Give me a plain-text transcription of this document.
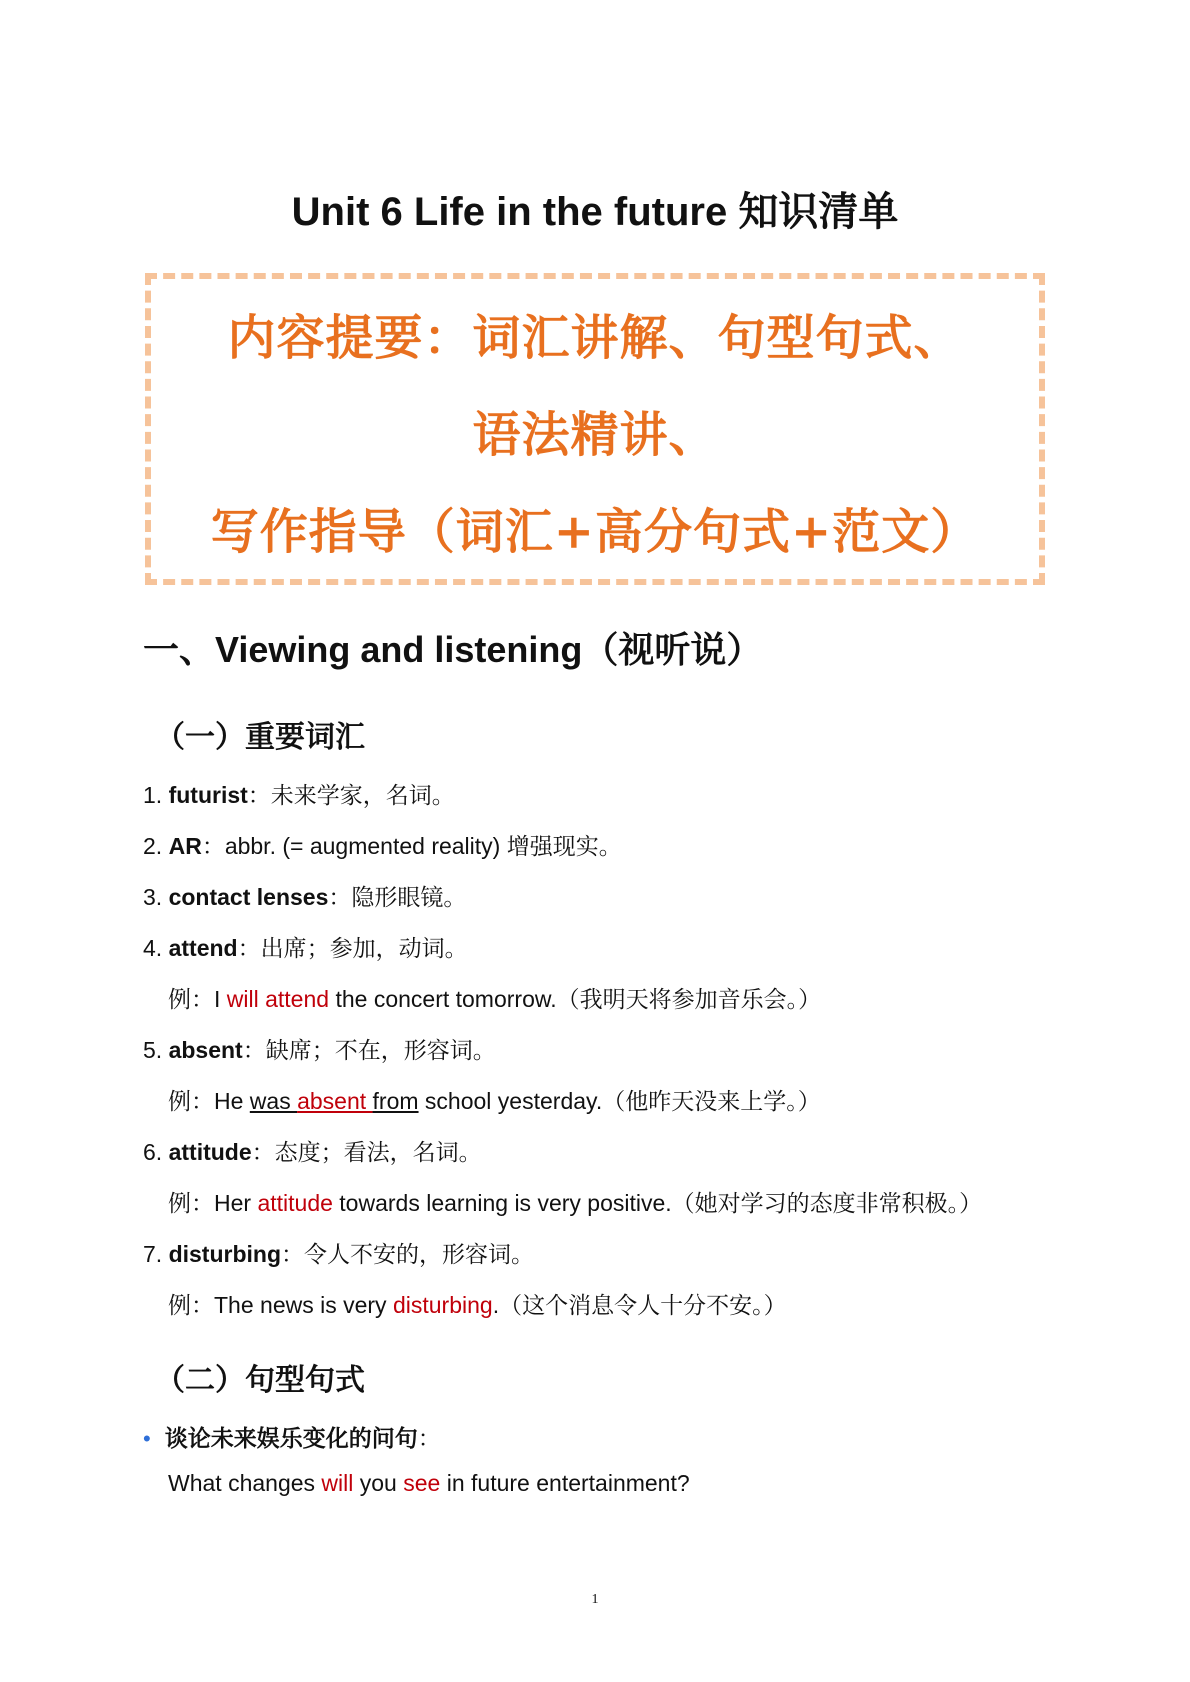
Unit 6 Life in the future 知识清单
内容提要：词汇讲解、句型句式、
语法精讲、
写作指导（词汇+高分句式+范文）
一、Viewing and listening（视听说）
（一）重要词汇
1. futurist：未来学家，名词。
2. AR：abbr. (= augmented reality) 增强现实。
3. contact lenses：隐形眼镜。
4. attend：出席；参加，动词。
例：I will attend the concert tomorrow.（我明天将参加音乐会。）
5. absent：缺席；不在，形容词。
例：He was absent from school yesterday.（他昨天没来上学。）
6. attitude：态度；看法，名词。
例：Her attitude towards learning is very positive.（她对学习的态度非常积极。）
7. disturbing：令人不安的，形容词。
例：The news is very disturbing.（这个消息令人十分不安。）
（二）句型句式
• 谈论未来娱乐变化的问句：
What changes will you see in future entertainment?
1
